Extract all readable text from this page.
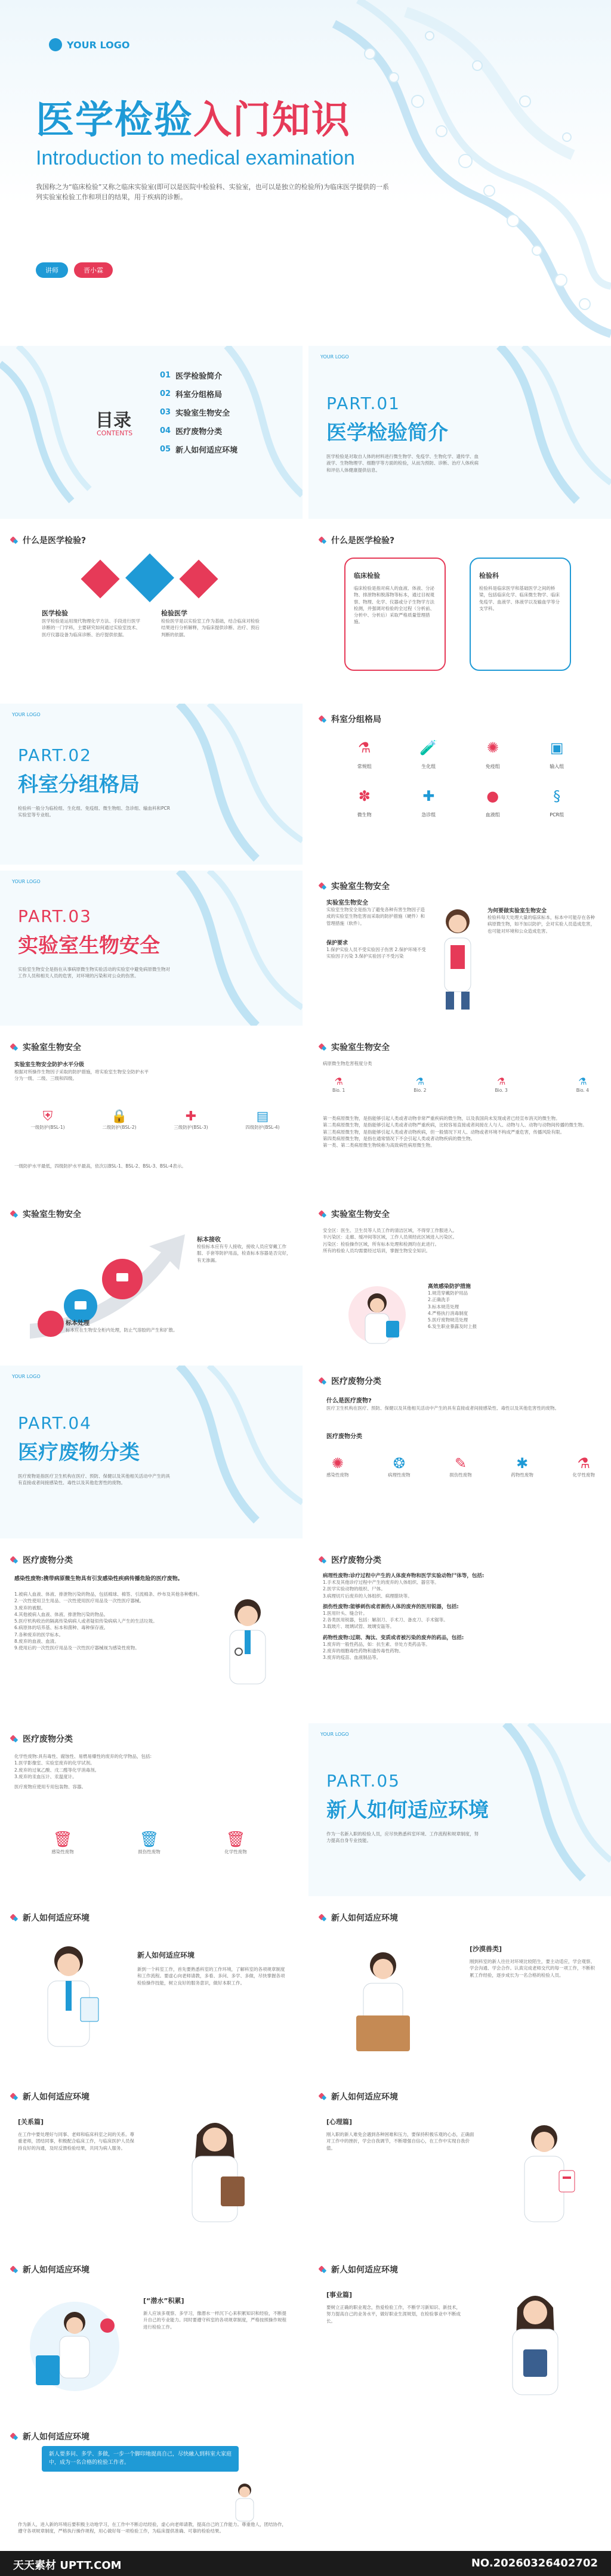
YOUR LOGO
医学检验入门知识
Introduction to medical examination
我国称之为“临床检验”又称之临床实验室(即可以是医院中检验科、实验室，也可以是独立的检验所)为临床医学提供的一系列实验室检验工作和项目的结果，用于疾病的诊断。
讲师	晋小霖
目录
CONTENTS
01 医学检验简介
02 科室分组格局
03 实验室生物安全
04 医疗废物分类
05 新人如何适应环境
YOUR LOGO
PART.01
医学检验简介
医学检验是对取自人体的材料进行微生物学、免疫学、生物化学、遗传学、血液学、生物物理学、细胞学等方面的检验，从而为预防、诊断、治疗人体疾病和评估人体健康提供信息。
什么是医学检验?
医学检验
医学检验是运用现代物理化学方法、手段进行医学诊断的一门学科，主要研究如何通过实验室技术、医疗仪器设备为临床诊断、治疗提供依据。
检验医学
检验医学是以实验室工作为基础，结合临床对检验结果进行分析解释，为临床提供诊断、治疗、预后判断的依据。
什么是医学检验?
临床检验
临床检验是指对病人的血液、体液、分泌物、排泄物和脱落物等标本，通过目视观察、物理、化学、仪器或分子生物学方法检测，并强调对检验的全过程（分析前、分析中、分析后）采取严格质量管理措施。
检验科
检验科是临床医学和基础医学之间的桥梁，包括临床化学、临床微生物学、临床免疫学、血液学、体液学以及输血学等分支学科。
YOUR LOGO
PART.02
科室分组格局
检验科一般分为临检组、生化组、免疫组、微生物组、急诊组、输血科和PCR实验室等专业组。
科室分组格局
⚗
常规组
🧪
生化组
✺
免疫组
▣
输入组
✽
微生物
✚
急诊组
●
血液组
§
PCR组
YOUR LOGO
PART.03
实验室生物安全
实验室生物安全是指在从事病原微生物实验活动的实验室中避免病原微生物对工作人员和相关人员的危害，对环境的污染和对公众的伤害。
实验室生物安全
实验室生物安全
实验室生物安全是指为了避免各种有害生物因子造成的实验室生物危害而采取的防护措施（硬件）和管理措施（软件）。
保护要求
1.保护实验人员不受实验因子伤害 2.保护环境不受实验因子污染 3.保护实验因子不受污染
为何要做实验室生物安全
检验科每天处理大量的临床标本，标本中可能存在各种病原微生物，如不加以防护，会对实验人员造成危害，也可能对环境和公众造成危害。
实验室生物安全
实验室生物安全防护水平分级
根据对所操作生物因子采取的防护措施，将实验室生物安全防护水平分为一级、二级、三级和四级。
⛨
一级防护(BSL-1)
🔒
二级防护(BSL-2)
✚
三级防护(BSL-3)
▤
四级防护(BSL-4)
一级防护水平最低，四级防护水平最高，依次以BSL-1、BSL-2、BSL-3、BSL-4表示。
实验室生物安全
病原微生物危害程度分类
⚗
Bio. 1
⚗
Bio. 2
⚗
Bio. 3
⚗
Bio. 4
第一类病原微生物，是指能够引起人类或者动物非常严重疾病的微生物，以及我国尚未发现或者已经宣布消灭的微生物。
第二类病原微生物，是指能够引起人类或者动物严重疾病，比较容易直接或者间接在人与人、动物与人、动物与动物间传播的微生物。
第三类病原微生物，是指能够引起人类或者动物疾病，但一般情况下对人、动物或者环境不构成严重危害，传播风险有限。
第四类病原微生物，是指在通常情况下不会引起人类或者动物疾病的微生物。
第一类、第二类病原微生物统称为高致病性病原微生物。
实验室生物安全
标本接收
检验标本应有专人接收，接收人员应穿戴工作服、手套等防护用品，检查标本容器是否完好，有无渗漏。
标本处理
标本应在生物安全柜内处理，防止气溶胶的产生和扩散。
实验室生物安全
安全区：医生、卫生员等人员工作的清洁区域，不得穿工作服进入。
半污染区：走廊、缓冲间等区域，工作人员须经此区域进入污染区。
污染区：检验操作区域，所有标本处理和检测均在此进行。
所有的检验人员均需要经过培训，掌握生物安全知识。
高效感染防护措施
1.规范穿戴防护用品
2.正确洗手
3.标本规范处理
4.严格执行消毒制度
5.医疗废物规范处理
6.发生职业暴露及时上报
YOUR LOGO
PART.04
医疗废物分类
医疗废物是指医疗卫生机构在医疗、预防、保健以及其他相关活动中产生的具有直接或者间接感染性、毒性以及其他危害性的废物。
医疗废物分类
什么是医疗废物?
医疗卫生机构在医疗、预防、保健以及其他相关活动中产生的具有直接或者间接感染性、毒性以及其他危害性的废物。
医疗废物分类
✺
感染性废物
❂
病理性废物
✎
损伤性废物
✱
药物性废物
⚗
化学性废物
医疗废物分类
感染性废物:携带病原微生物具有引发感染性疾病传播危险的医疗废物。
1.被病人血液、体液、排泄物污染的物品，包括棉球、棉签、引流棉条、纱布及其他各种敷料。
2.一次性使用卫生用品、一次性使用医疗用品及一次性医疗器械。
3.废弃的被服。
4.其他被病人血液、体液、排泄物污染的物品。
5.医疗机构收治的隔离传染病病人或者疑似传染病病人产生的生活垃圾。
6.病原体的培养基、标本和菌种、毒种保存液。
7.各种废弃的医学标本。
8.废弃的血液、血清。
9.使用后的一次性医疗用品及一次性医疗器械视为感染性废物。
医疗废物分类
病理性废物:诊疗过程中产生的人体废弃物和医学实验动物尸体等，包括:
1.手术及其他诊疗过程中产生的废弃的人体组织、器官等。
2.医学实验动物的组织、尸体。
3.病理切片后废弃的人体组织、病理腊块等。
损伤性废物:能够刺伤或者割伤人体的废弃的医用锐器，包括:
1.医用针头、缝合针。
2.各类医用锐器，包括：解剖刀、手术刀、备皮刀、手术锯等。
3.载玻片、玻璃试管、玻璃安瓿等。
药物性废物:过期、淘汰、变质或者被污染的废弃的药品，包括:
1.废弃的一般性药品，如：抗生素、非处方类药品等。
2.废弃的细胞毒性药物和遗传毒性药物。
3.废弃的疫苗、血液制品等。
医疗废物分类
化学性废物:具有毒性、腐蚀性、易燃易爆性的废弃的化学物品，包括:
1.医学影像室、实验室废弃的化学试剂。
2.废弃的过氧乙酸、戊二醛等化学消毒剂。
3.废弃的汞血压计、汞温度计。
医疗废物应使用专用包装物、容器。
🗑
感染性废物
🗑
损伤性废物
🗑
化学性废物
YOUR LOGO
PART.05
新人如何适应环境
作为一名新入职的检验人员，应尽快熟悉科室环境、工作流程和规章制度，努力提高自身专业技能。
新人如何适应环境
新人如何适应环境
新到一个科室工作，首先要熟悉科室的工作环境，了解科室的各项规章制度和工作流程。要虚心向老师请教，多看、多问、多学、多做，尽快掌握各项检验操作技能，树立良好的服务意识，做好本职工作。
新人如何适应环境
[沙漠兽类]
刚到科室的新人往往对环境比较陌生，要主动适应，学会观察、学会沟通、学会合作。认真完成老师交代的每一项工作，不断积累工作经验，逐步成长为一名合格的检验人员。
新人如何适应环境
[关系篇]
在工作中要处理好与同事、老师和临床科室之间的关系。尊重老师，团结同事，积极配合临床工作，与临床医护人员保持良好的沟通，及时反馈检验结果，共同为病人服务。
新人如何适应环境
[心理篇]
刚入职的新人难免会遇到各种困难和压力，要保持积极乐观的心态，正确面对工作中的挫折，学会自我调节，不断增强自信心，在工作中实现自我价值。
新人如何适应环境
[“潜水”积累]
新人应该多观察、多学习，像潜水一样沉下心来积累知识和经验，不断提升自己的专业能力。同时要遵守科室的各项规章制度，严格按照操作规程进行检验工作。
新人如何适应环境
[事业篇]
要树立正确的职业观念，热爱检验工作，不断学习新知识、新技术，努力提高自己的业务水平，做好职业生涯规划，在检验事业中不断成长。
新人如何适应环境
新人要多问、多学、多做，一步一个脚印地提高自己，尽快融入到科室大家庭中，成为一名合格的检验工作者。
作为新人，进入新的环境后要积极主动地学习，在工作中不断总结经验，虚心向老师请教，提高自己的工作能力。尊重他人，团结协作，遵守各项规章制度，严格执行操作规程，用心做好每一项检验工作，为临床提供准确、可靠的检验结果。
天天素材 UPTT.COM	NO.20260326402702
